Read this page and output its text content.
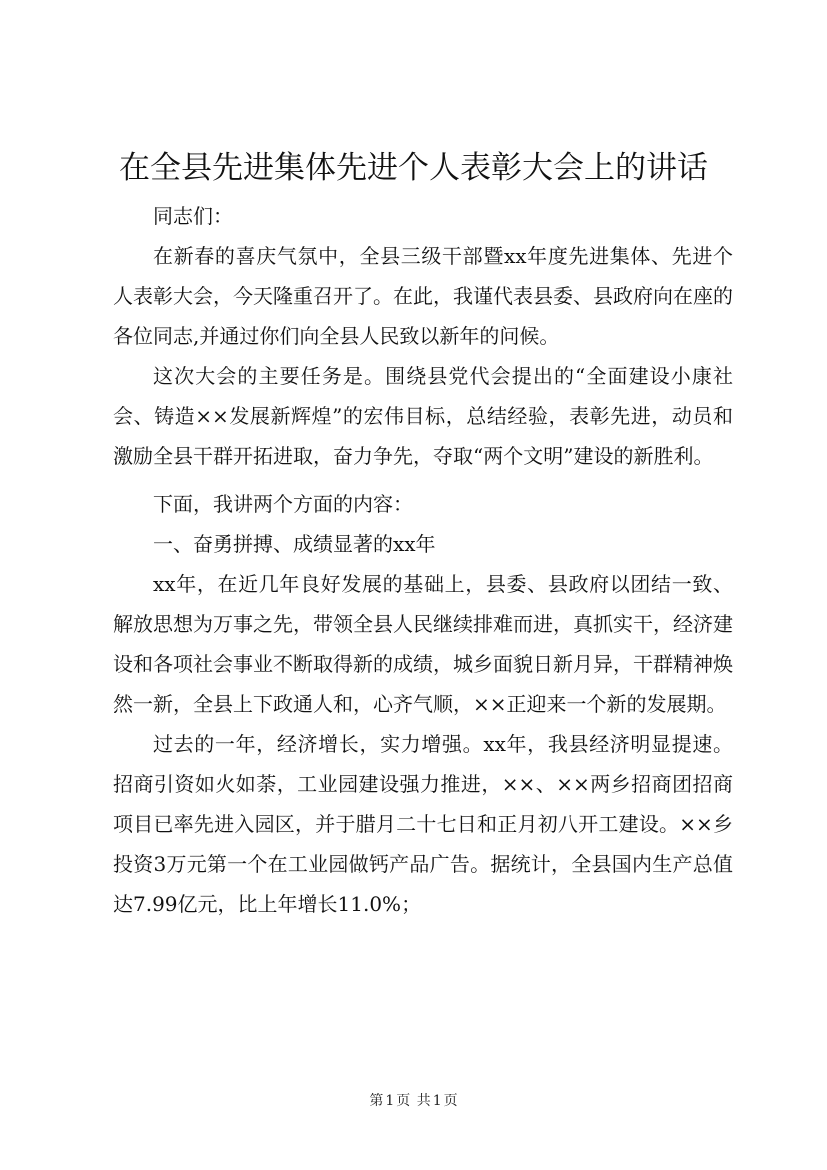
在全县先进集体先进个人表彰大会上的讲话

同志们：

在新春的喜庆气氛中，全县三级干部暨xx年度先进集体、先进个人表彰大会，今天隆重召开了。在此，我谨代表县委、县政府向在座的各位同志,并通过你们向全县人民致以新年的问候。

这次大会的主要任务是。围绕县党代会提出的“全面建设小康社会、铸造××发展新辉煌”的宏伟目标，总结经验，表彰先进，动员和激励全县干群开拓进取，奋力争先，夺取“两个文明”建设的新胜利。

下面，我讲两个方面的内容：

一、奋勇拼搏、成绩显著的xx年

xx年，在近几年良好发展的基础上，县委、县政府以团结一致、解放思想为万事之先，带领全县人民继续排难而进，真抓实干，经济建设和各项社会事业不断取得新的成绩，城乡面貌日新月异，干群精神焕然一新，全县上下政通人和，心齐气顺，××正迎来一个新的发展期。

过去的一年，经济增长，实力增强。xx年，我县经济明显提速。招商引资如火如荼，工业园建设强力推进，××、××两乡招商团招商项目已率先进入园区，并于腊月二十七日和正月初八开工建设。××乡投资3万元第一个在工业园做钙产品广告。据统计，全县国内生产总值达7.99亿元，比上年增长11.0%；

第 1 页 共 1 页
